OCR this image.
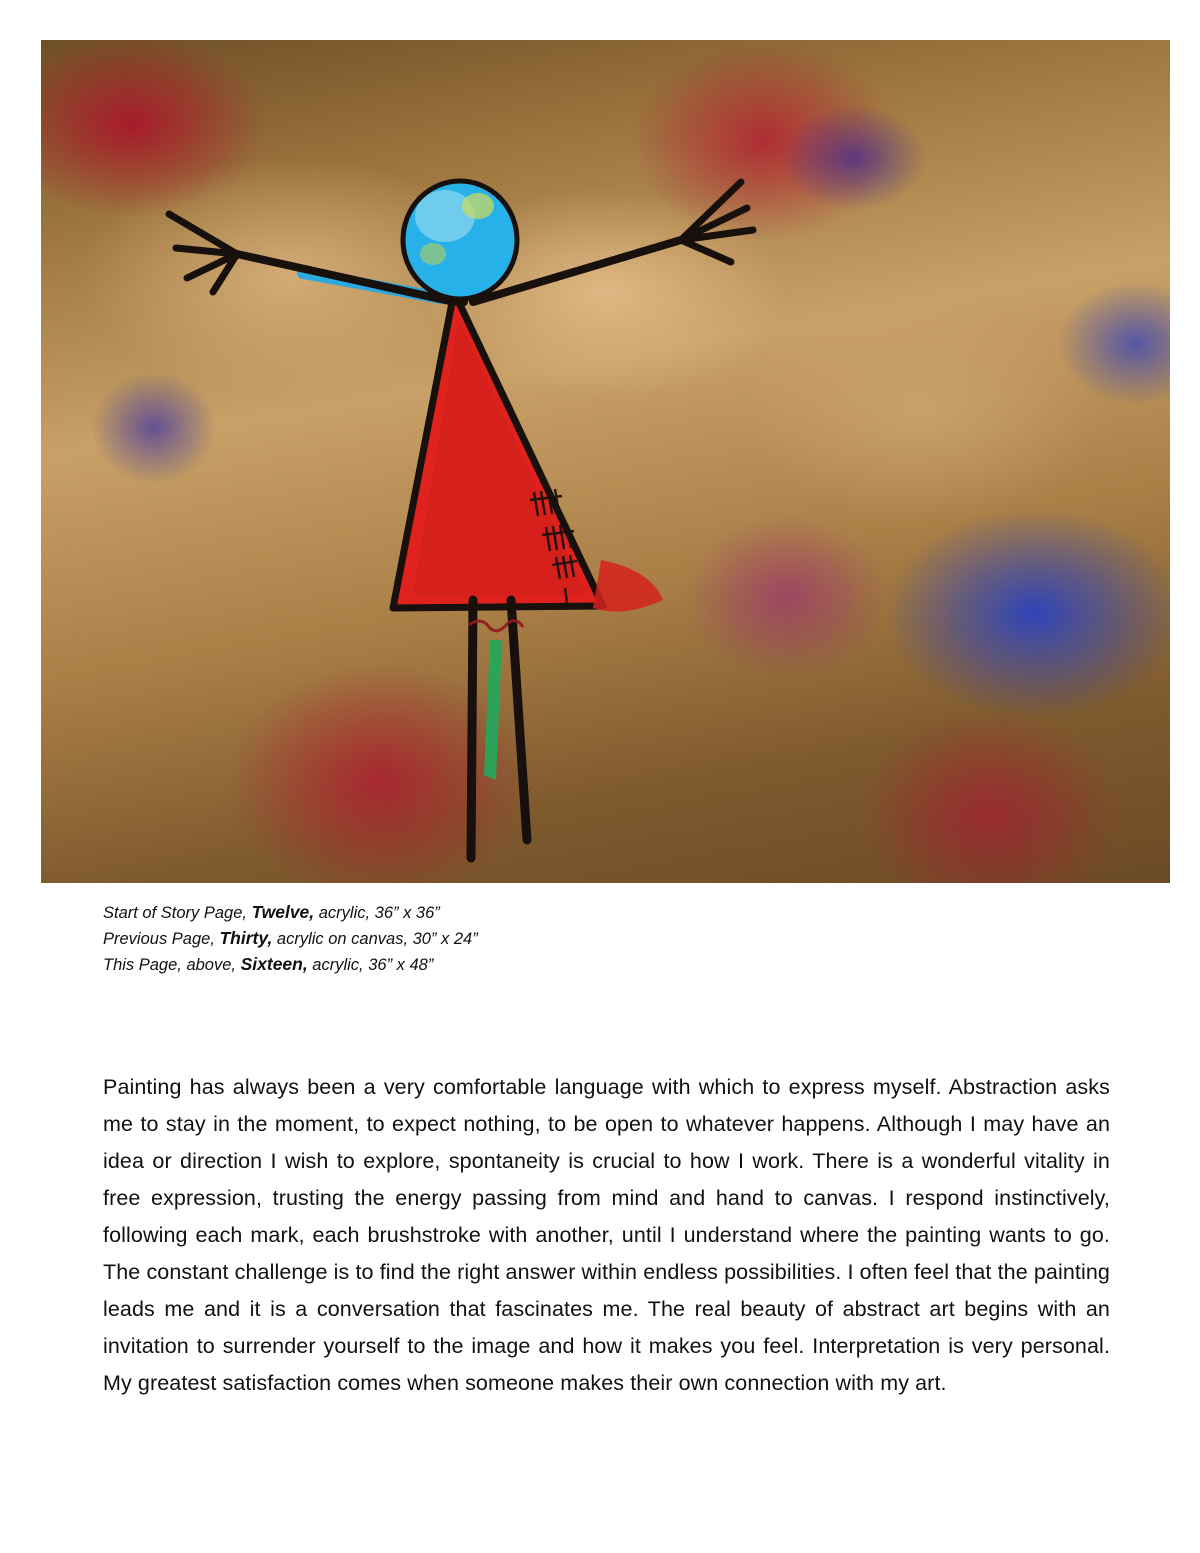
Start of Story Page, Twelve, acrylic, 36” x 36”
Previous Page, Thirty, acrylic on canvas, 30” x 24”
This Page, above, Sixteen, acrylic, 36” x 48”

Painting has always been a very comfortable language with which to express myself. Abstraction asks me to stay in the moment, to expect nothing, to be open to whatever happens. Although I may have an idea or direction I wish to explore, spontaneity is crucial to how I work. There is a wonderful vitality in free expression, trusting the energy passing from mind and hand to canvas. I respond instinctively, following each mark, each brushstroke with another, until I understand where the painting wants to go. The constant challenge is to find the right answer within endless possibilities. I often feel that the painting leads me and it is a conversation that fascinates me. The real beauty of abstract art begins with an invitation to surrender yourself to the image and how it makes you feel. Interpretation is very personal. My greatest satisfaction comes when someone makes their own connection with my art.
